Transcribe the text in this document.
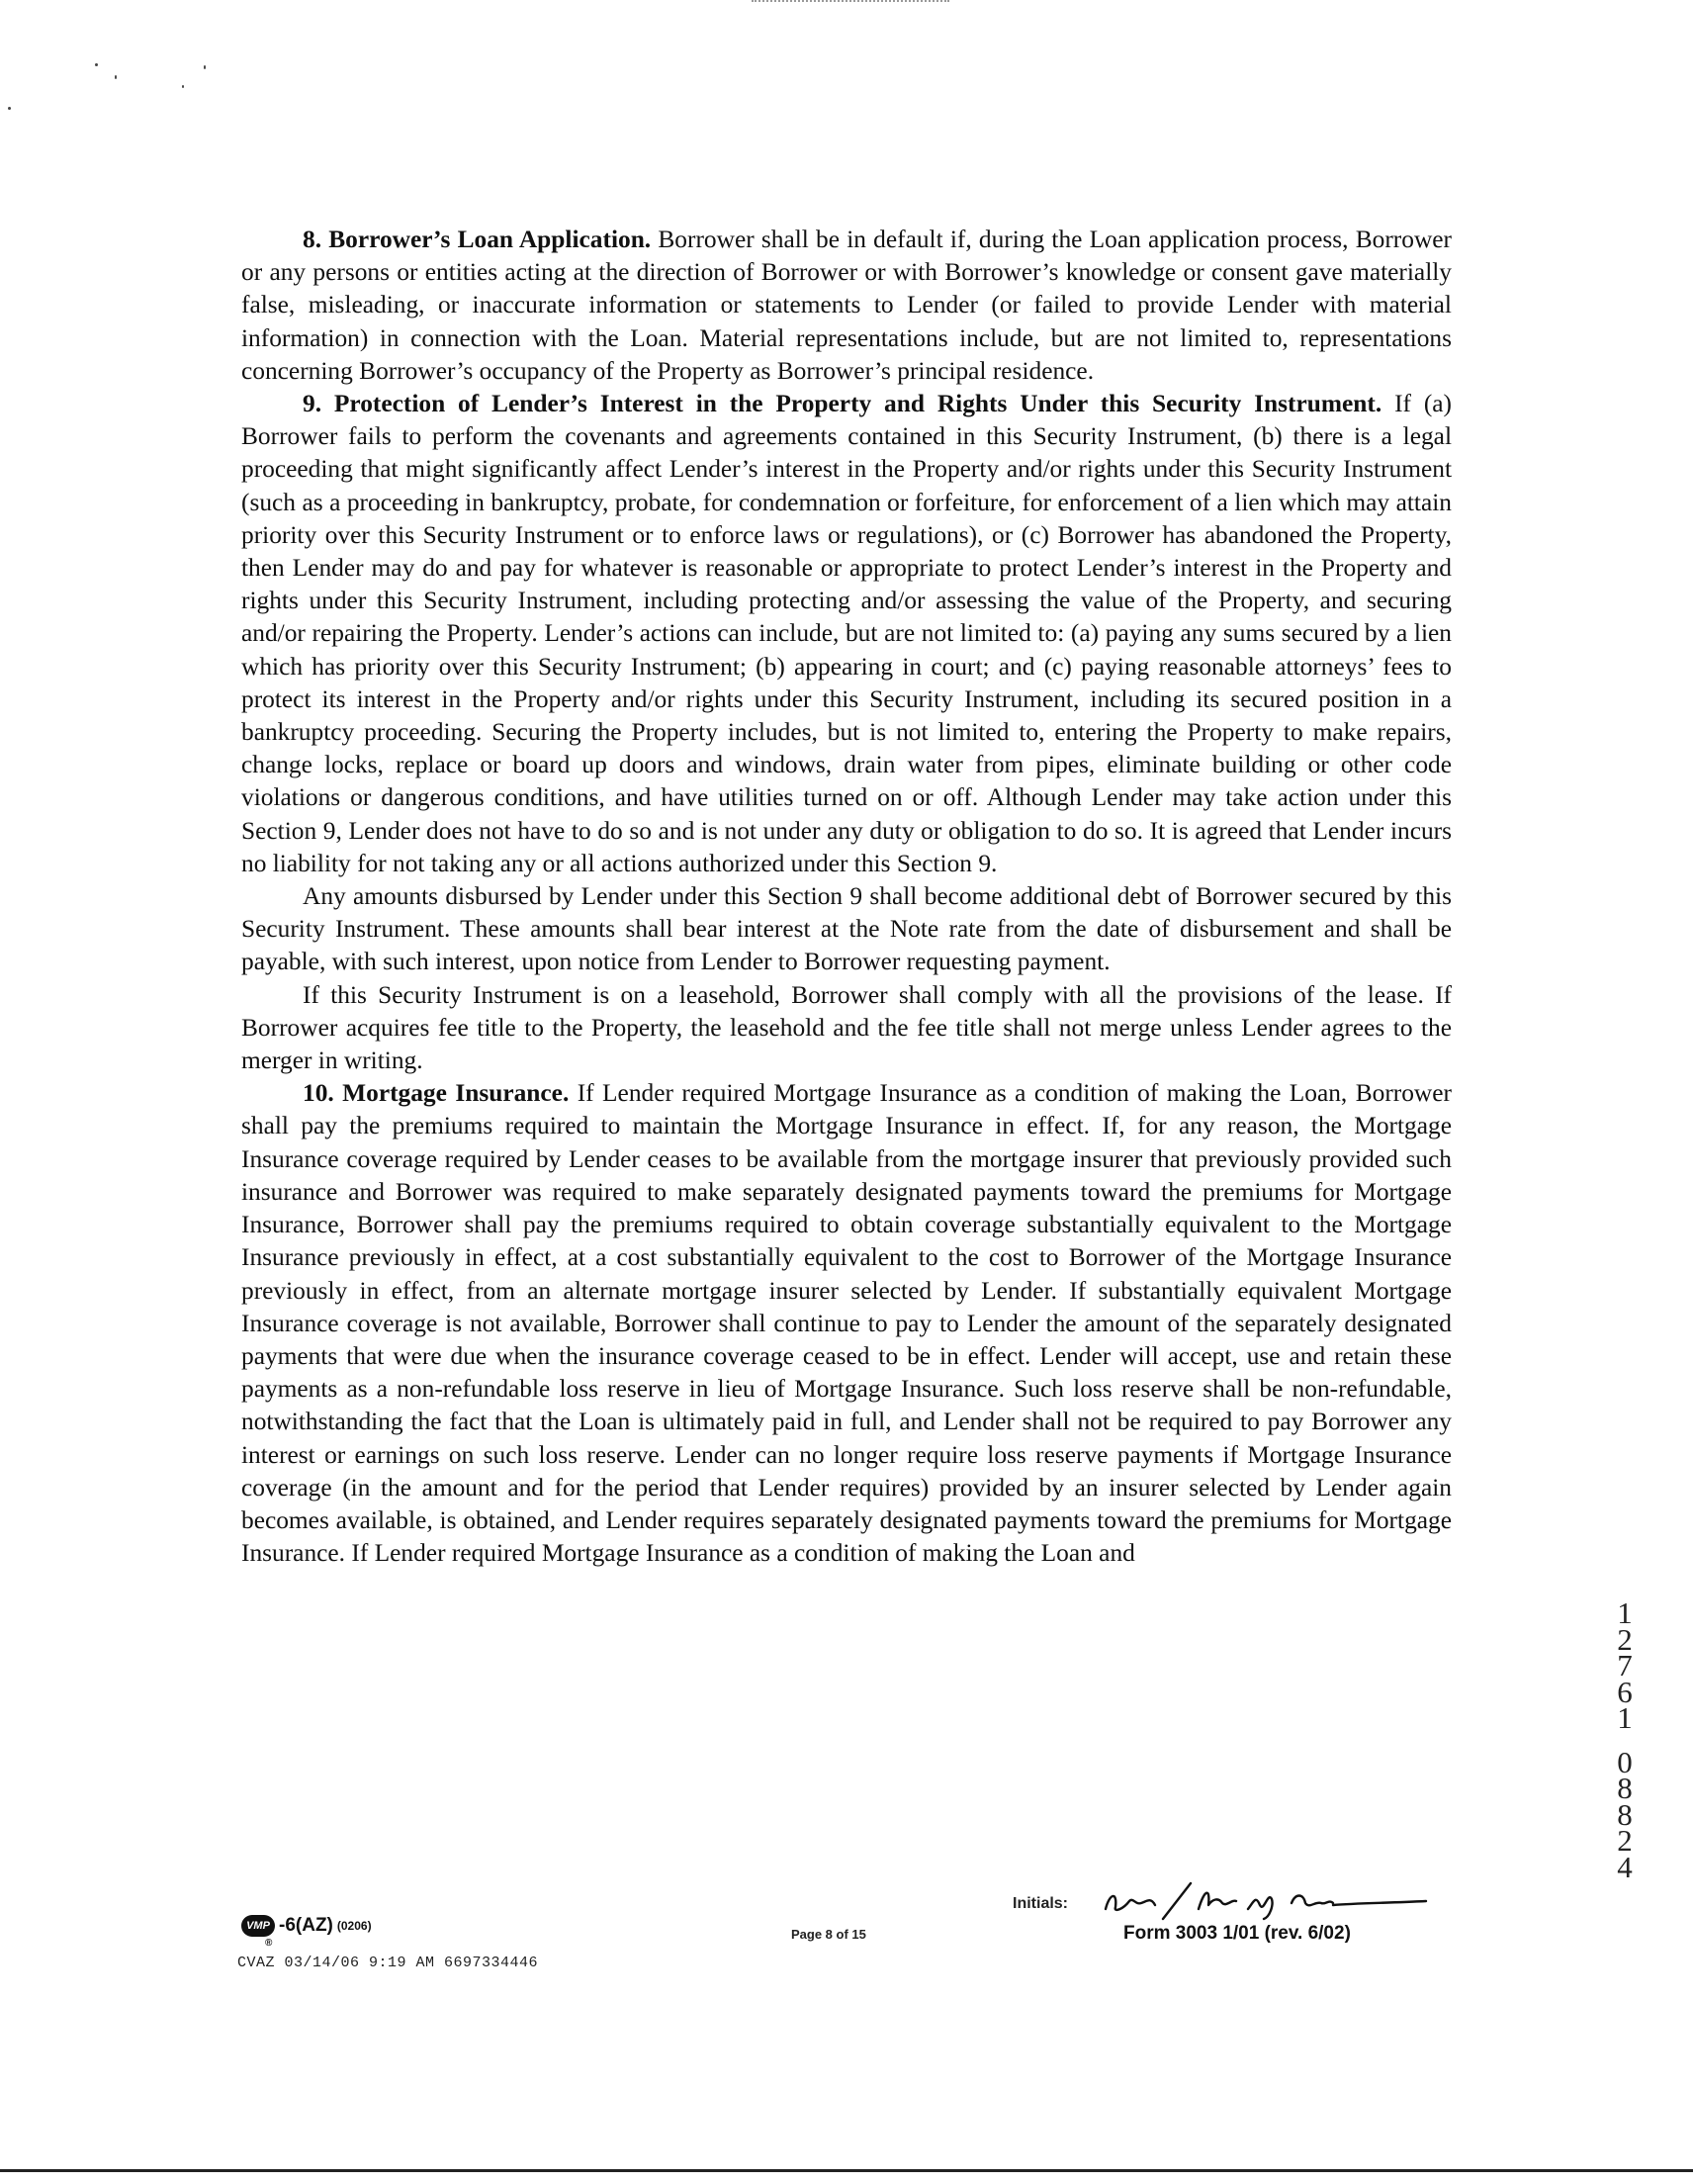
8. Borrower’s Loan Application. Borrower shall be in default if, during the Loan application process, Borrower or any persons or entities acting at the direction of Borrower or with Borrower’s knowledge or consent gave materially false, misleading, or inaccurate information or statements to Lender (or failed to provide Lender with material information) in connection with the Loan. Material representations include, but are not limited to, representations concerning Borrower’s occupancy of the Property as Borrower’s principal residence.

9. Protection of Lender’s Interest in the Property and Rights Under this Security Instrument. If (a) Borrower fails to perform the covenants and agreements contained in this Security Instrument, (b) there is a legal proceeding that might significantly affect Lender’s interest in the Property and/or rights under this Security Instrument (such as a proceeding in bankruptcy, probate, for condemnation or forfeiture, for enforcement of a lien which may attain priority over this Security Instrument or to enforce laws or regulations), or (c) Borrower has abandoned the Property, then Lender may do and pay for whatever is reasonable or appropriate to protect Lender’s interest in the Property and rights under this Security Instrument, including protecting and/or assessing the value of the Property, and securing and/or repairing the Property. Lender’s actions can include, but are not limited to: (a) paying any sums secured by a lien which has priority over this Security Instrument; (b) appearing in court; and (c) paying reasonable attorneys’ fees to protect its interest in the Property and/or rights under this Security Instrument, including its secured position in a bankruptcy proceeding. Securing the Property includes, but is not limited to, entering the Property to make repairs, change locks, replace or board up doors and windows, drain water from pipes, eliminate building or other code violations or dangerous conditions, and have utilities turned on or off. Although Lender may take action under this Section 9, Lender does not have to do so and is not under any duty or obligation to do so. It is agreed that Lender incurs no liability for not taking any or all actions authorized under this Section 9.

Any amounts disbursed by Lender under this Section 9 shall become additional debt of Borrower secured by this Security Instrument. These amounts shall bear interest at the Note rate from the date of disbursement and shall be payable, with such interest, upon notice from Lender to Borrower requesting payment.

If this Security Instrument is on a leasehold, Borrower shall comply with all the provisions of the lease. If Borrower acquires fee title to the Property, the leasehold and the fee title shall not merge unless Lender agrees to the merger in writing.

10. Mortgage Insurance. If Lender required Mortgage Insurance as a condition of making the Loan, Borrower shall pay the premiums required to maintain the Mortgage Insurance in effect. If, for any reason, the Mortgage Insurance coverage required by Lender ceases to be available from the mortgage insurer that previously provided such insurance and Borrower was required to make separately designated payments toward the premiums for Mortgage Insurance, Borrower shall pay the premiums required to obtain coverage substantially equivalent to the Mortgage Insurance previously in effect, at a cost substantially equivalent to the cost to Borrower of the Mortgage Insurance previously in effect, from an alternate mortgage insurer selected by Lender. If substantially equivalent Mortgage Insurance coverage is not available, Borrower shall continue to pay to Lender the amount of the separately designated payments that were due when the insurance coverage ceased to be in effect. Lender will accept, use and retain these payments as a non-refundable loss reserve in lieu of Mortgage Insurance. Such loss reserve shall be non-refundable, notwithstanding the fact that the Loan is ultimately paid in full, and Lender shall not be required to pay Borrower any interest or earnings on such loss reserve. Lender can no longer require loss reserve payments if Mortgage Insurance coverage (in the amount and for the period that Lender requires) provided by an insurer selected by Lender again becomes available, is obtained, and Lender requires separately designated payments toward the premiums for Mortgage Insurance. If Lender required Mortgage Insurance as a condition of making the Loan and

1
2
7
6
1
0
8
8
2
4
VMP
®
-6(AZ) (0206)
CVAZ 03/14/06 9:19 AM 6697334446
Page 8 of 15
Initials:
Form 3003 1/01 (rev. 6/02)
